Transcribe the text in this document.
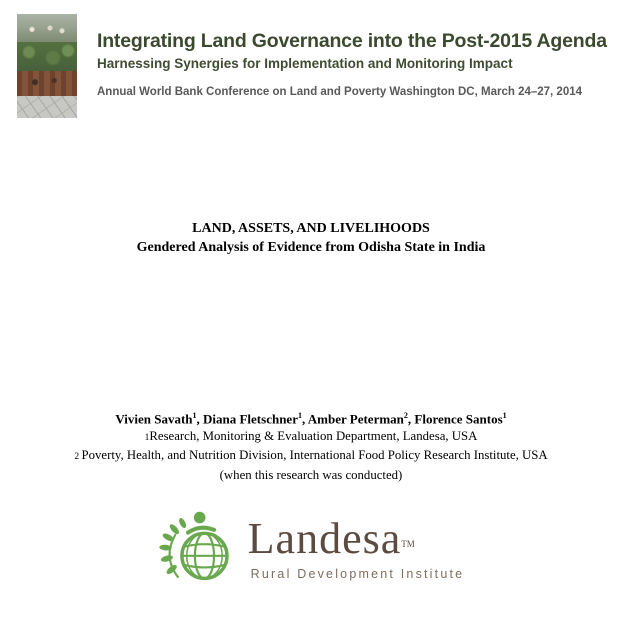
Integrating Land Governance into the Post-2015 Agenda
Harnessing Synergies for Implementation and Monitoring Impact
Annual World Bank Conference on Land and Poverty Washington DC, March 24–27, 2014
LAND, ASSETS, AND LIVELIHOODS
Gendered Analysis of Evidence from Odisha State in India
Vivien Savath$^1$, Diana Fletschner$^1$, Amber Peterman$^2$, Florence Santos$^1$
1Research, Monitoring & Evaluation Department, Landesa, USA
2 Poverty, Health, and Nutrition Division, International Food Policy Research Institute, USA
(when this research was conducted)
LandesaTM
Rural Development Institute
